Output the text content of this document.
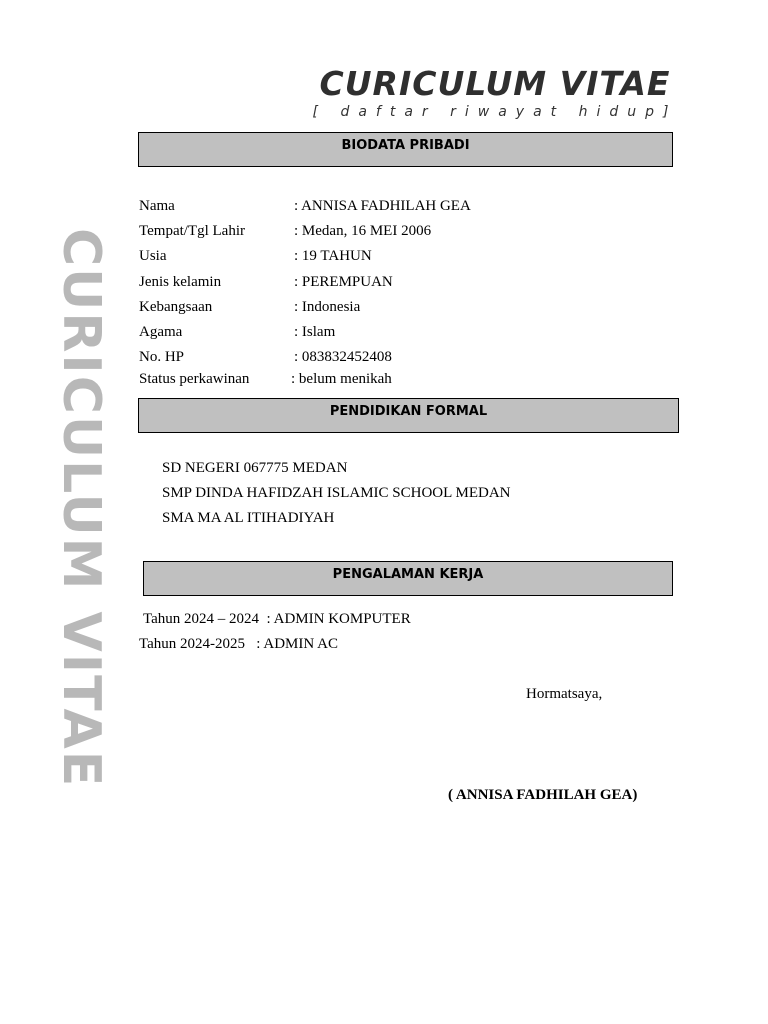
CURICULUM VITAE
[ daftar riwayat hidup]
CURICULUM VITAE
BIODATA PRIBADI
Nama	: ANNISA FADHILAH GEA
Tempat/Tgl Lahir	: Medan, 16 MEI 2006
Usia	: 19 TAHUN
Jenis kelamin	: PEREMPUAN
Kebangsaan	: Indonesia
Agama	: Islam
No. HP	: 083832452408
Status perkawinan	: belum menikah
PENDIDIKAN FORMAL
SD NEGERI 067775 MEDAN
SMP DINDA HAFIDZAH ISLAMIC SCHOOL MEDAN
SMA MA AL ITIHADIYAH
PENGALAMAN KERJA
Tahun 2024 – 2024  : ADMIN KOMPUTER
Tahun 2024-2025   : ADMIN AC
Hormatsaya,
( ANNISA FADHILAH GEA)
